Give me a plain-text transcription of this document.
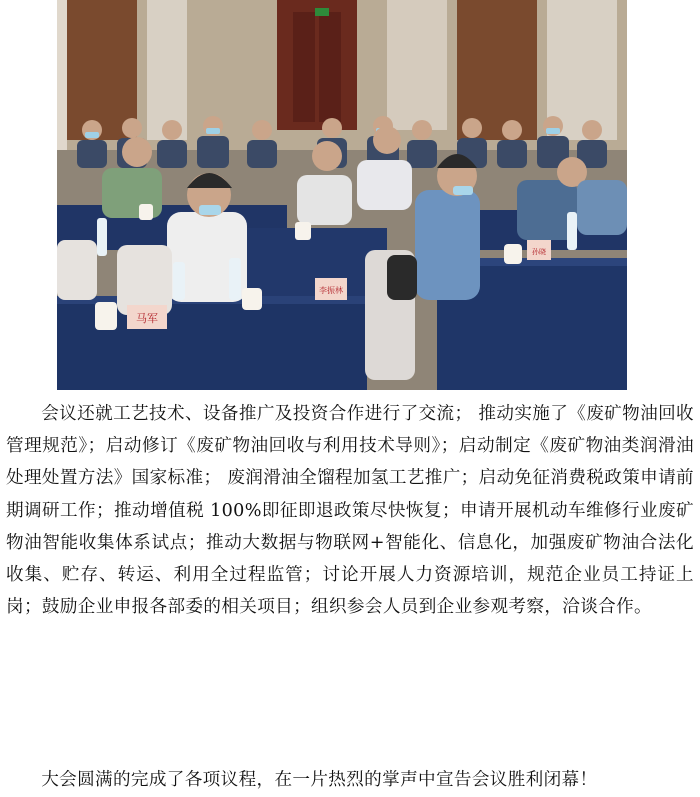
马军
李振林
孙晓

会议还就工艺技术、设备推广及投资合作进行了交流； 推动实施了《废矿物油回收管理规范》；启动修订《废矿物油回收与利用技术导则》；启动制定《废矿物油类润滑油处理处置方法》国家标准； 废润滑油全馏程加氢工艺推广；启动免征消费税政策申请前期调研工作；推动增值税 100%即征即退政策尽快恢复；申请开展机动车维修行业废矿物油智能收集体系试点；推动大数据与物联网+智能化、信息化，加强废矿物油合法化收集、贮存、转运、利用全过程监管；讨论开展人力资源培训，规范企业员工持证上岗；鼓励企业申报各部委的相关项目；组织参会人员到企业参观考察，洽谈合作。

大会圆满的完成了各项议程，在一片热烈的掌声中宣告会议胜利闭幕！
